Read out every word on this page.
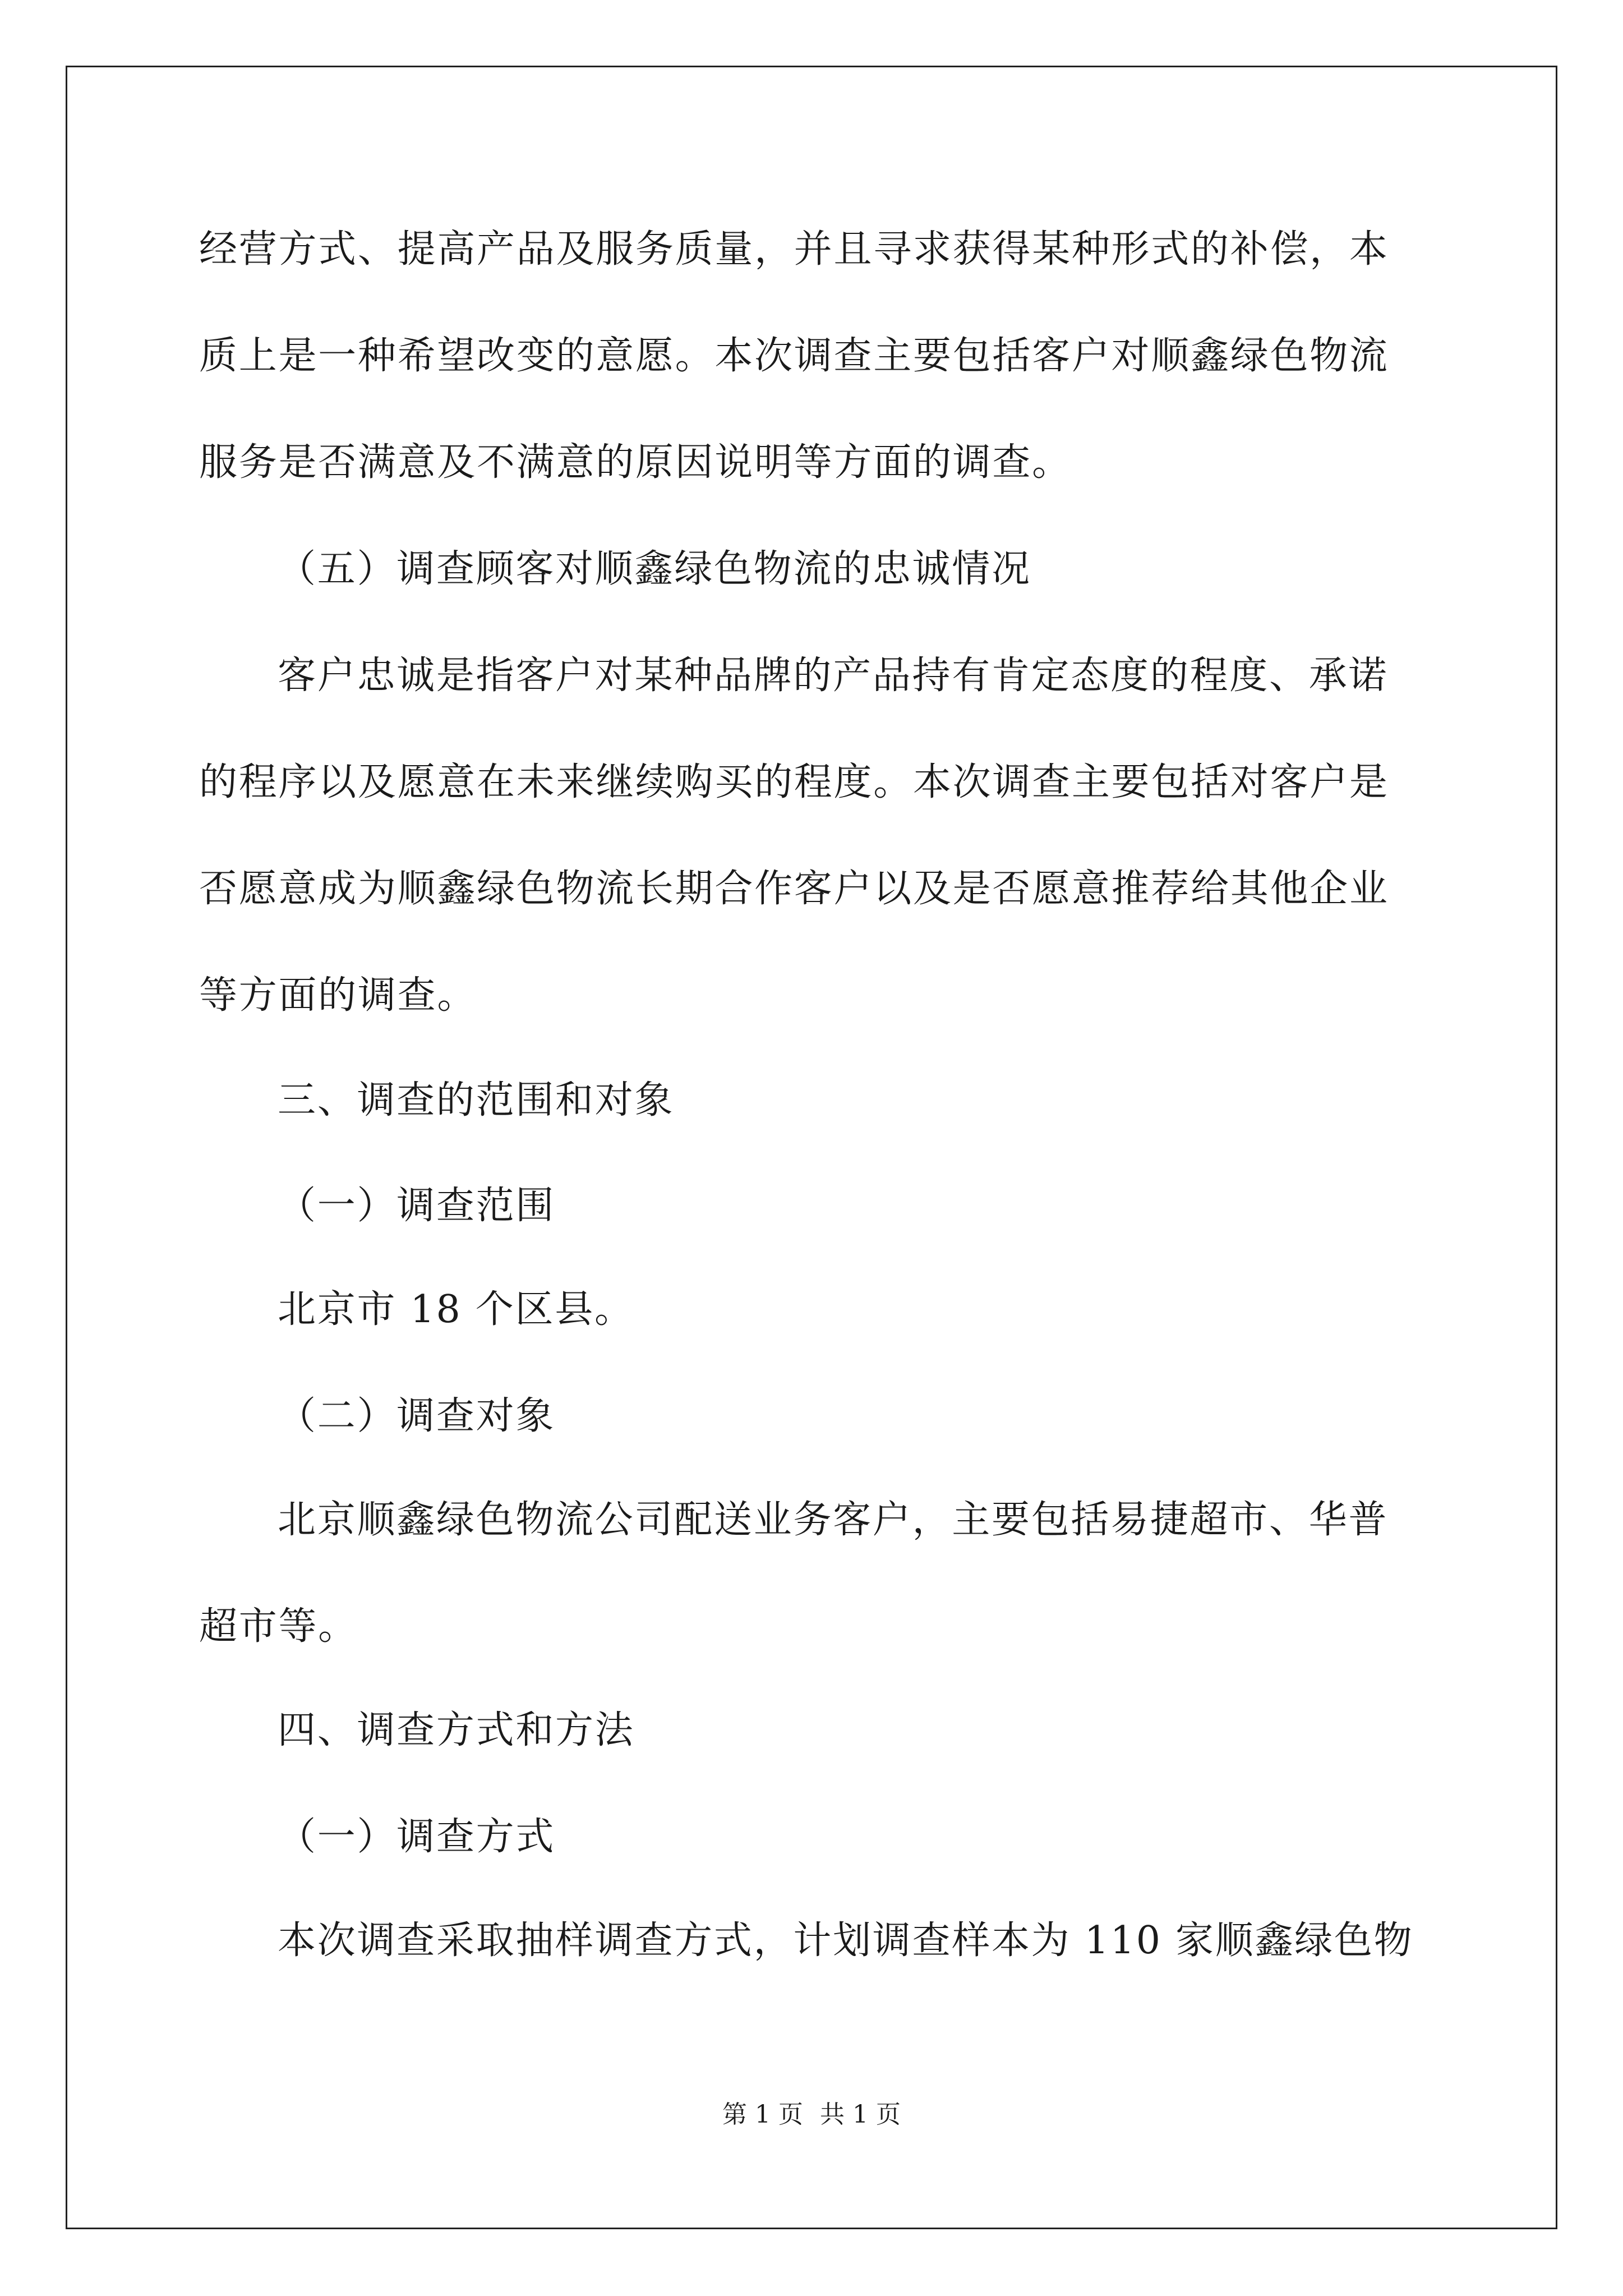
经营方式、提高产品及服务质量，并且寻求获得某种形式的补偿，本
质上是一种希望改变的意愿。本次调查主要包括客户对顺鑫绿色物流
服务是否满意及不满意的原因说明等方面的调查。
（五）调查顾客对顺鑫绿色物流的忠诚情况
客户忠诚是指客户对某种品牌的产品持有肯定态度的程度、承诺
的程序以及愿意在未来继续购买的程度。本次调查主要包括对客户是
否愿意成为顺鑫绿色物流长期合作客户以及是否愿意推荐给其他企业
等方面的调查。
三、调查的范围和对象
（一）调查范围
北京市 18 个区县。
（二）调查对象
北京顺鑫绿色物流公司配送业务客户，主要包括易捷超市、华普
超市等。
四、调查方式和方法
（一）调查方式
本次调查采取抽样调查方式，计划调查样本为 110 家顺鑫绿色物
第 1 页 共 1 页
